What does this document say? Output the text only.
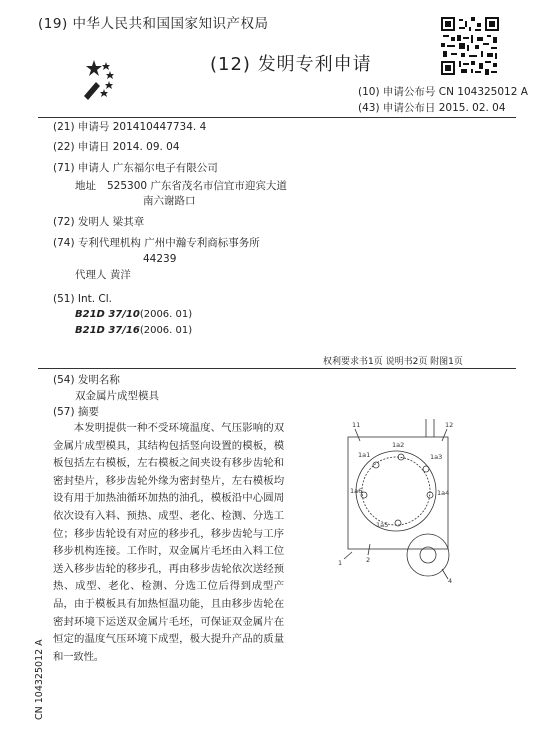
(19) 中华人民共和国国家知识产权局
(12) 发明专利申请
(10) 申请公布号 CN 104325012 A
(43) 申请公布日 2015. 02. 04
(21) 申请号 201410447734. 4
(22) 申请日 2014. 09. 04
(71) 申请人 广东福尔电子有限公司
地址 525300 广东省茂名市信宜市迎宾大道
南六谢路口
(72) 发明人 梁其章
(74) 专利代理机构 广州中瀚专利商标事务所
44239
代理人 黄洋
(51) Int. Cl.
B21D 37/10(2006. 01)
B21D 37/16(2006. 01)
权利要求书1页 说明书2页 附图1页
(54) 发明名称
双金属片成型模具
(57) 摘要
本发明提供一种不受环境温度、气压影响的双金属片成型模具，其结构包括竖向设置的模板，模板包括左右模板，左右模板之间夹设有移步齿轮和密封垫片，移步齿轮外缘为密封垫片，左右模板均设有用于加热油循环加热的油孔，模板沿中心圆周依次设有入料、预热、成型、老化、检测、分选工位；移步齿轮设有对应的移步孔，移步齿轮与工序移步机构连接。工作时，双金属片毛坯由入料工位送入移步齿轮的移步孔，再由移步齿轮依次送经预热、成型、老化、检测、分选工位后得到成型产品，由于模板具有加热恒温功能，且由移步齿轮在密封环境下运送双金属片毛坯，可保证双金属片在恒定的温度气压环境下成型，极大提升产品的质量和一致性。
11	12
1	2
4
1a1
1a2
1a3
1a4
1a5
1a6
CN 104325012 A
